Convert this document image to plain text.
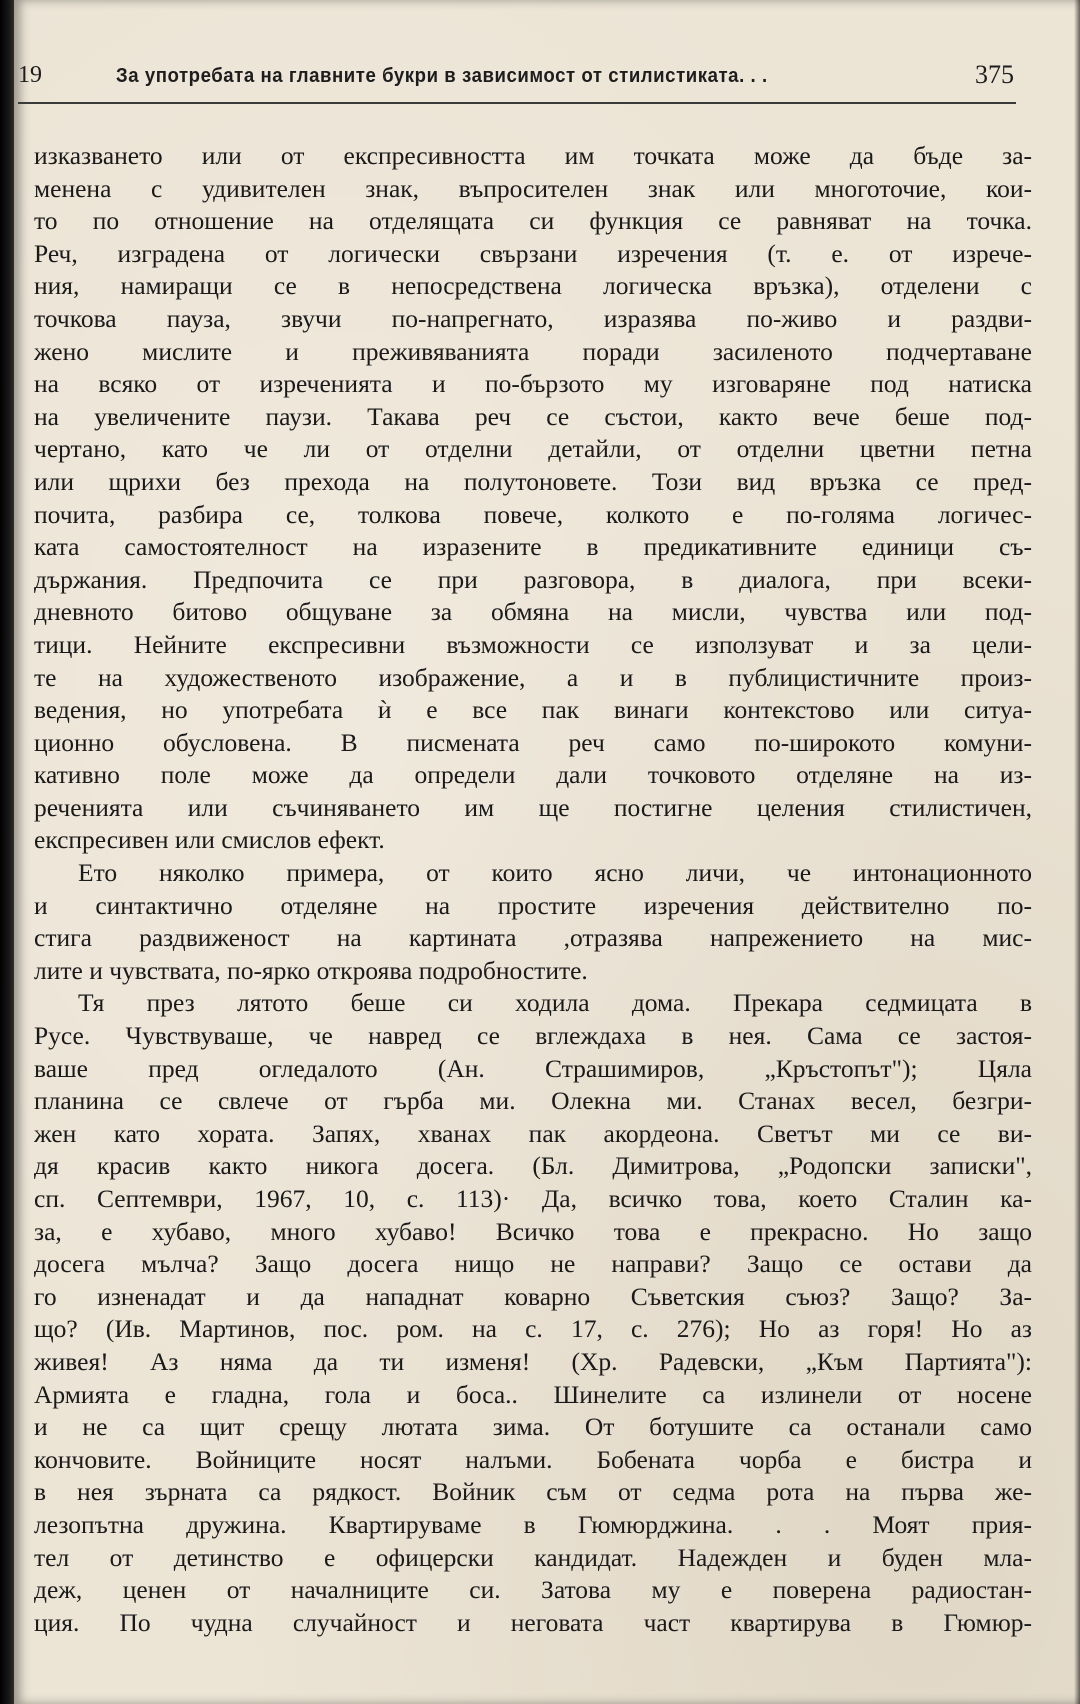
19	За употребата на главните букри в зависимост от стилистиката. . .	375
изказването или от експресивността им точката може да бъде за-
менена с удивителен знак, въпросителен знак или многоточие, кои-
то по отношение на отделящата си функция се равняват на точка.
Реч, изградена от логически свързани изречения (т. е. от изрече-
ния, намиращи се в непосредствена логическа връзка), отделени с
точкова пауза, звучи по-напрегнато, изразява по-живо и раздви-
жено мислите и преживяванията поради засиленото подчертаване
на всяко от изреченията и по-бързото му изговаряне под натиска
на увеличените паузи. Такава реч се състои, както вече беше под-
чертано, като че ли от отделни детайли, от отделни цветни петна
или щрихи без прехода на полутоновете. Този вид връзка се пред-
почита, разбира се, толкова повече, колкото е по-голяма логичес-
ката самостоятелност на изразените в предикативните единици съ-
държания. Предпочита се при разговора, в диалога, при всеки-
дневното битово общуване за обмяна на мисли, чувства или под-
тици. Нейните експресивни възможности се използуват и за цели-
те на художественото изображение, а и в публицистичните произ-
ведения, но употребата ѝ е все пак винаги контекстово или ситуа-
ционно обусловена. В писмената реч само по-широкото комуни-
кативно поле може да определи дали точковото отделяне на из-
реченията или съчиняването им ще постигне целения стилистичен,
експресивен или смислов ефект.
Ето няколко примера, от които ясно личи, че интонационното
и синтактично отделяне на простите изречения действително по-
стига раздвиженост на картината ,отразява напрежението на мис-
лите и чувствата, по-ярко откроява подробностите.
Тя през лятото беше си ходила дома. Прекара седмицата в
Русе. Чувствуваше, че навред се вглеждаха в нея. Сама се застоя-
ваше пред огледалото (Ан. Страшимиров, „Кръстопът"); Цяла
планина се свлече от гърба ми. Олекна ми. Станах весел, безгри-
жен като хората. Запях, хванах пак акордеона. Светът ми се ви-
дя красив както никога досега. (Бл. Димитрова, „Родопски записки",
сп. Септември, 1967, 10, с. 113)· Да, всичко това, което Сталин ка-
за, е хубаво, много хубаво! Всичко това е прекрасно. Но защо
досега мълча? Защо досега нищо не направи? Защо се остави да
го изненадат и да нападнат коварно Съветския съюз? Защо? За-
що? (Ив. Мартинов, пос. ром. на с. 17, с. 276); Но аз горя! Но аз
живея! Аз няма да ти изменя! (Хр. Радевски, „Към Партията"):
Армията е гладна, гола и боса.. Шинелите са излинели от носене
и не са щит срещу лютата зима. От ботушите са останали само
кончовите. Войниците носят налъми. Бобената чорба е бистра и
в нея зърната са рядкост. Войник съм от седма рота на първа же-
лезопътна дружина. Квартируваме в Гюмюрджина. . . Моят прия-
тел от детинство е офицерски кандидат. Надежден и буден мла-
деж, ценен от началниците си. Затова му е поверена радиостан-
ция. По чудна случайност и неговата част квартирува в Гюмюр-
